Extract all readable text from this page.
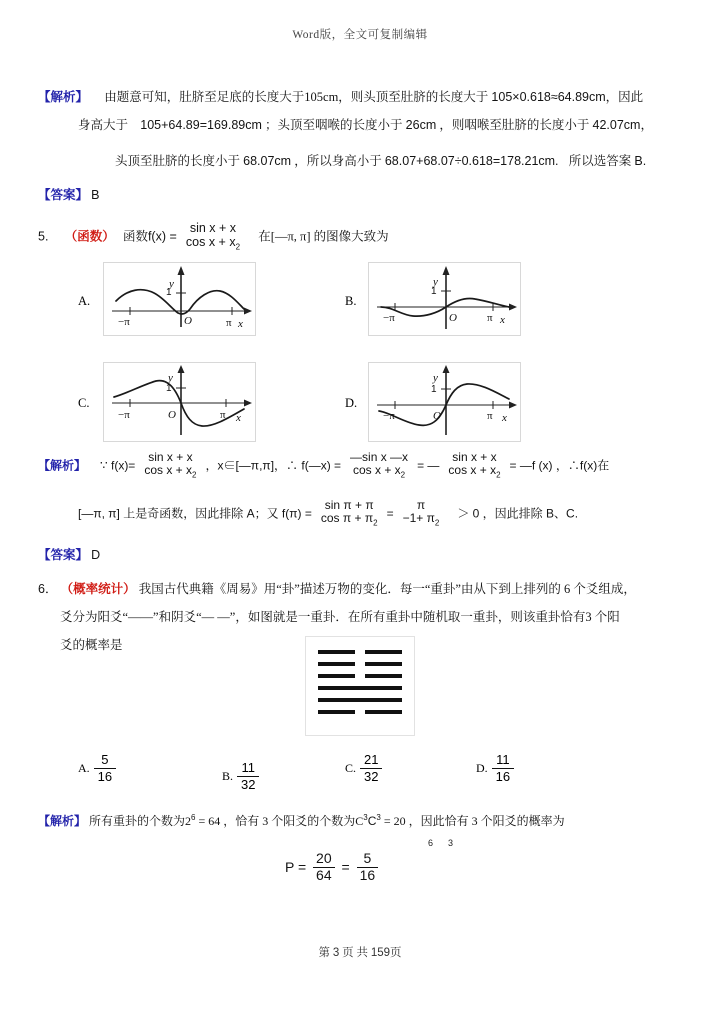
Word版，全文可复制编辑
【解析】 由题意可知，肚脐至足底的长度大于105cm，则头顶至肚脐的长度大于 105×0.618≈64.89cm，因此
身高大于 105+64.89=169.89cm ；头顶至咽喉的长度小于 26cm ，则咽喉至肚脐的长度小于 42.07cm，
头顶至肚脐的长度小于 68.07cm ，所以身高小于 68.07+68.07÷0.618=178.21cm. 所以选答案 B.
【答案】 B
5. （函数） 函数f(x) =
sin x + x
$\cos x + x_2$
在[—π, π] 的图像大致为
A.
y
1
O
−π	π x
B.
y
1
O
−π	π x
C.
y
1
O
−π	π x
D.
y
1
O
−π	π x
【解析】 ∵ f(x)=
sin x + x
$\cos x + x_2$
，x∈[—π,π]，∴ f(—x) =
—sin x —x
$\cos x + x_2$
= —
sin x + x
$\cos x + x_2$
= —f (x) ，∴f(x)在
[—π, π] 上是奇函数，因此排除 A；又 f(π) =
sin π + π
$\cos \pi + \pi_2$
=
π
$-1+ \pi_2$
＞ 0 ，因此排除 B、C.
【答案】 D
6． （概率统计） 我国古代典籍《周易》用“卦”描述万物的变化．每一“重卦”由从下到上排列的 6 个爻组成，
爻分为阳爻“——”和阴爻“— —”，如图就是一重卦．在所有重卦中随机取一重卦，则该重卦恰有3 个阳
爻的概率是
A. $\frac{5}{16}$	B. $\frac{11}{32}$	C. $\frac{21}{32}$	D. $\frac{11}{16}$
【解析】 所有重卦的个数为$2^6 = 64$ ，恰有 3 个阳爻的个数为$C^3C^3 = 20$ ，因此恰有 3 个阳爻的概率为
6 3
$P = \frac{20}{64} = \frac{5}{16}$
第 3 页 共 159页
